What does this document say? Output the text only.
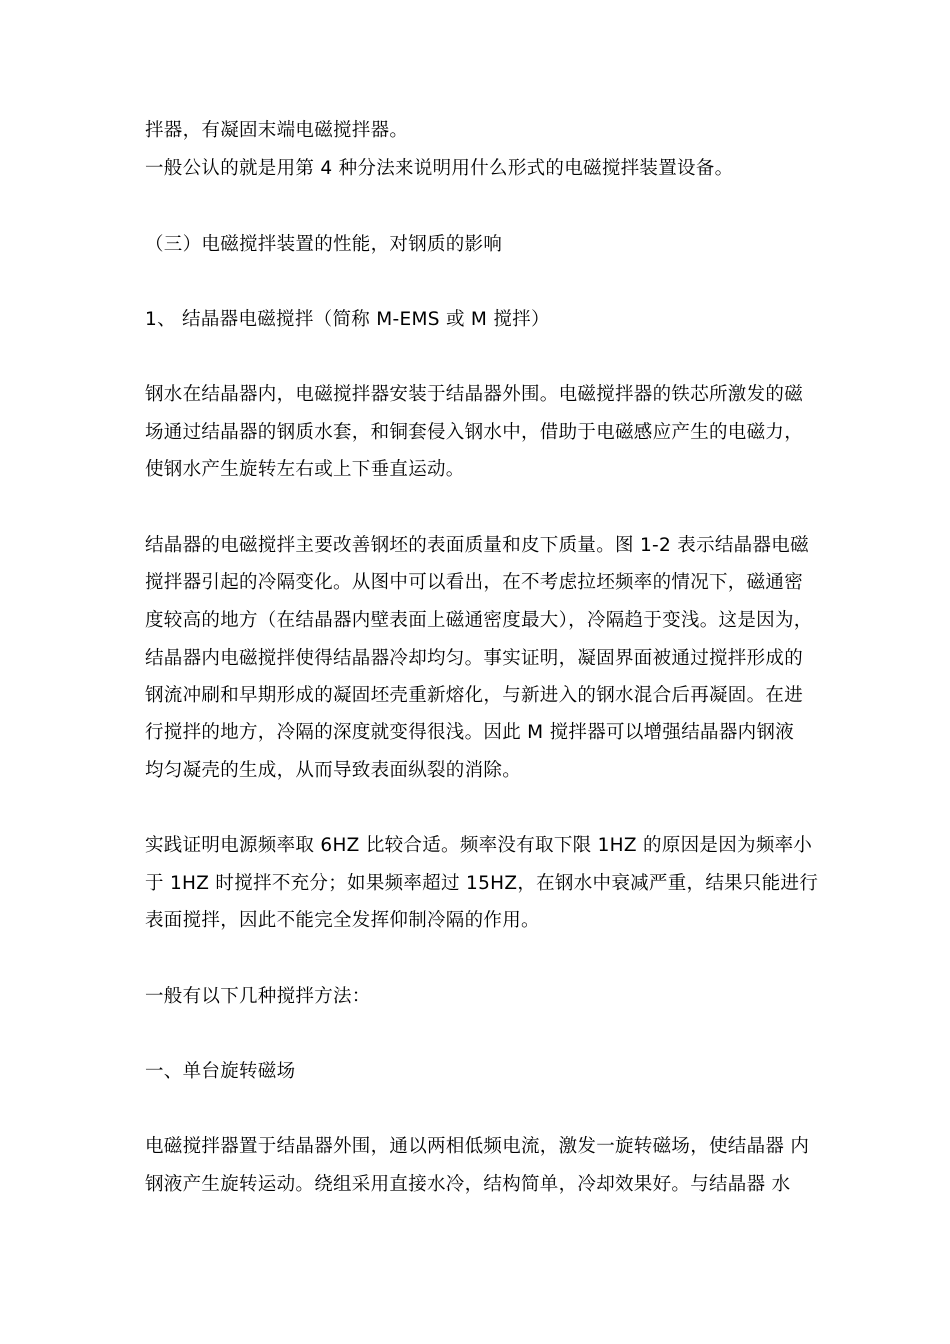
拌器，有凝固末端电磁搅拌器。
一般公认的就是用第 4 种分法来说明用什么形式的电磁搅拌装置设备。
（三）电磁搅拌装置的性能，对钢质的影响
1、 结晶器电磁搅拌（简称 M-EMS 或 M 搅拌）
钢水在结晶器内，电磁搅拌器安装于结晶器外围。电磁搅拌器的铁芯所激发的磁
场通过结晶器的钢质水套，和铜套侵入钢水中，借助于电磁感应产生的电磁力，
使钢水产生旋转左右或上下垂直运动。
结晶器的电磁搅拌主要改善钢坯的表面质量和皮下质量。图 1-2 表示结晶器电磁
搅拌器引起的冷隔变化。从图中可以看出，在不考虑拉坯频率的情况下，磁通密
度较高的地方（在结晶器内壁表面上磁通密度最大），冷隔趋于变浅。这是因为，
结晶器内电磁搅拌使得结晶器冷却均匀。事实证明，凝固界面被通过搅拌形成的
钢流冲刷和早期形成的凝固坯壳重新熔化，与新进入的钢水混合后再凝固。在进
行搅拌的地方，冷隔的深度就变得很浅。因此 M 搅拌器可以增强结晶器内钢液
均匀凝壳的生成，从而导致表面纵裂的消除。
实践证明电源频率取 6HZ 比较合适。频率没有取下限 1HZ 的原因是因为频率小
于 1HZ 时搅拌不充分；如果频率超过 15HZ，在钢水中衰减严重，结果只能进行
表面搅拌，因此不能完全发挥仰制冷隔的作用。
一般有以下几种搅拌方法：
一、单台旋转磁场
电磁搅拌器置于结晶器外围，通以两相低频电流，激发一旋转磁场，使结晶器 内
钢液产生旋转运动。绕组采用直接水冷，结构简单，冷却效果好。与结晶器 水
